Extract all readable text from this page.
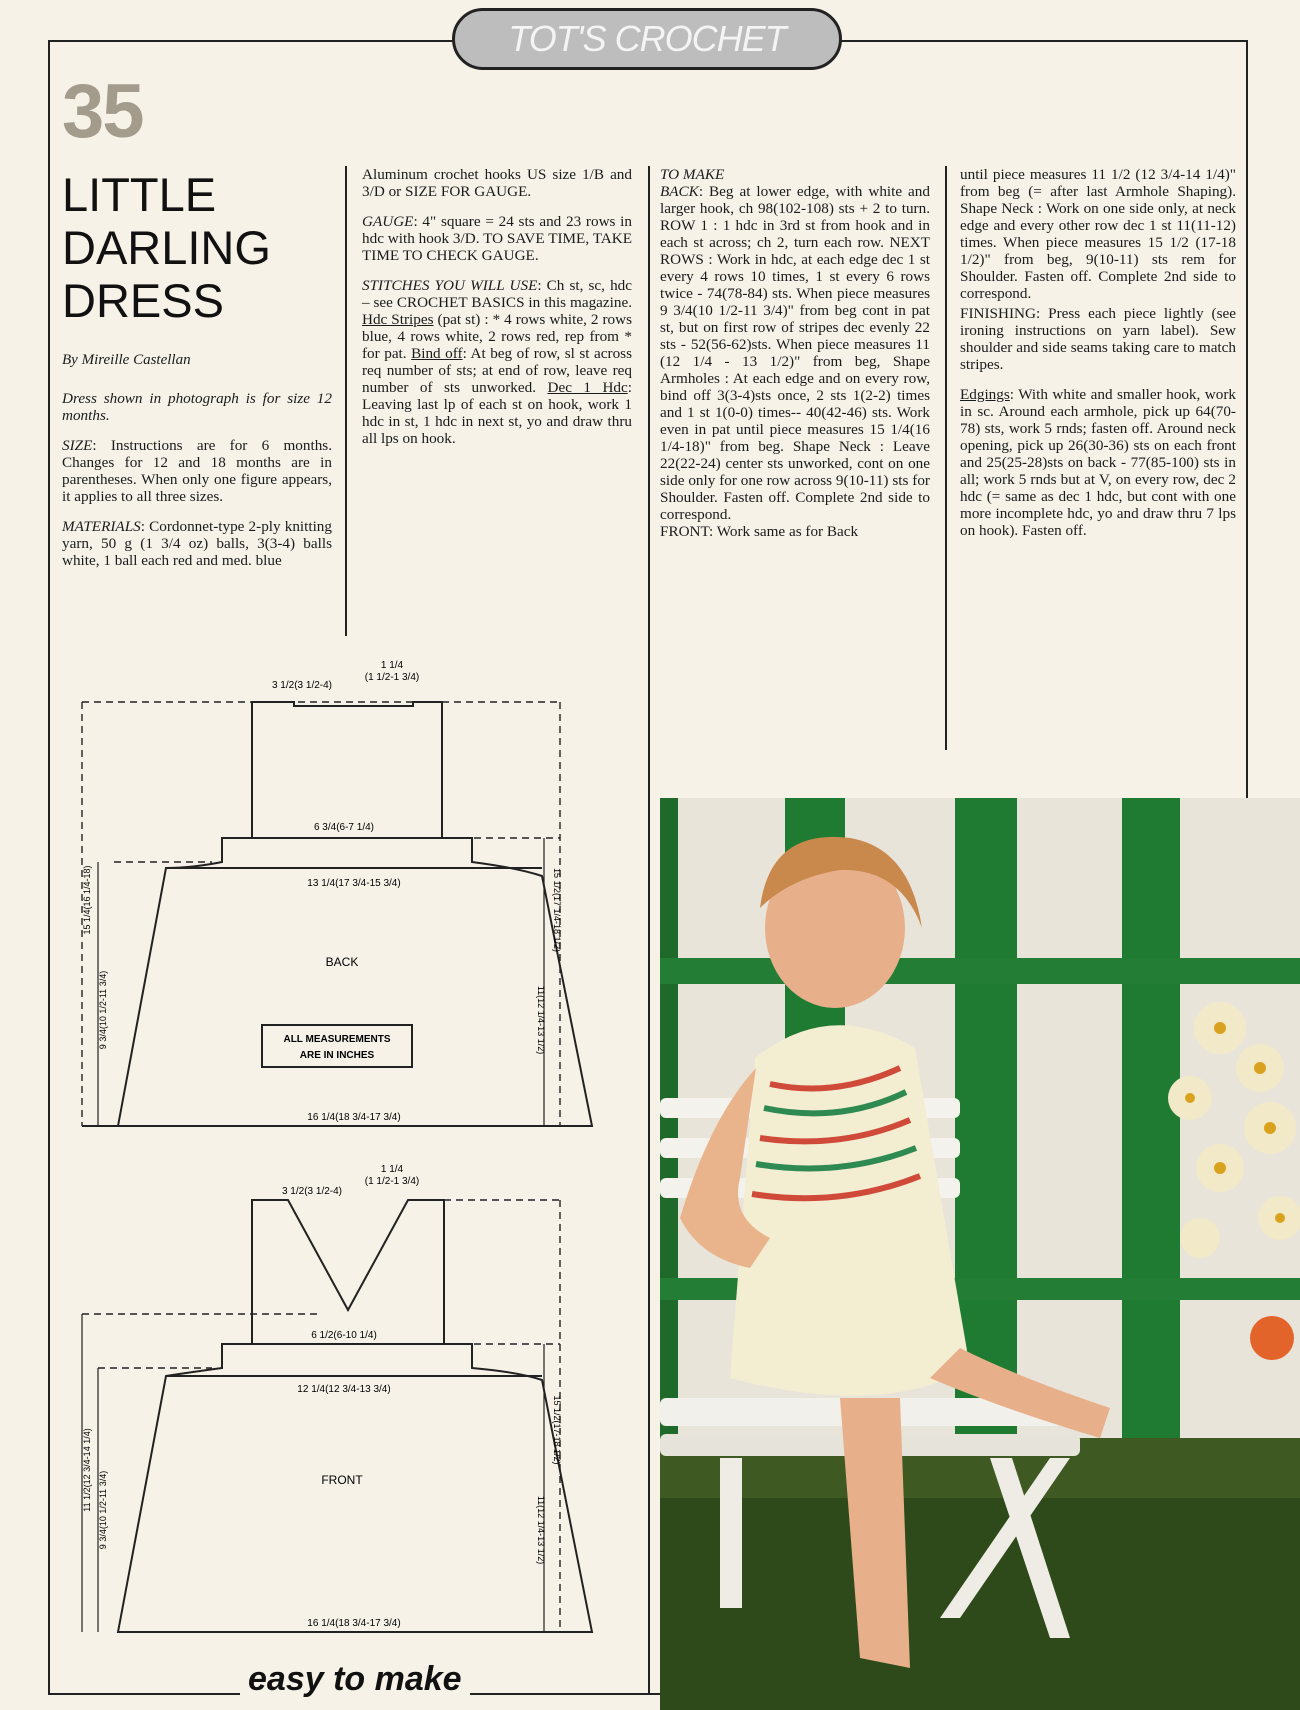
TOT'S CROCHET
35
LITTLE
DARLING
DRESS
By Mireille Castellan

Dress shown in photograph is for size 12 months.

SIZE: Instructions are for 6 months. Changes for 12 and 18 months are in parentheses. When only one figure appears, it applies to all three sizes.

MATERIALS: Cordonnet-type 2-ply knitting yarn, 50 g (1 3/4 oz) balls, 3(3-4) balls white, 1 ball each red and med. blue

Aluminum crochet hooks US size 1/B and 3/D or SIZE FOR GAUGE.

GAUGE: 4" square = 24 sts and 23 rows in hdc with hook 3/D. TO SAVE TIME, TAKE TIME TO CHECK GAUGE.

STITCHES YOU WILL USE: Ch st, sc, hdc – see CROCHET BASICS in this magazine. Hdc Stripes (pat st) : * 4 rows white, 2 rows blue, 4 rows white, 2 rows red, rep from * for pat. Bind off: At beg of row, sl st across req number of sts; at end of row, leave req number of sts unworked. Dec 1 Hdc: Leaving last lp of each st on hook, work 1 hdc in st, 1 hdc in next st, yo and draw thru all lps on hook.

TO MAKE

BACK: Beg at lower edge, with white and larger hook, ch 98(102-108) sts + 2 to turn. ROW 1 : 1 hdc in 3rd st from hook and in each st across; ch 2, turn each row. NEXT ROWS : Work in hdc, at each edge dec 1 st every 4 rows 10 times, 1 st every 6 rows twice - 74(78-84) sts. When piece measures 9 3/4(10 1/2-11 3/4)" from beg cont in pat st, but on first row of stripes dec evenly 22 sts - 52(56-62)sts. When piece measures 11 (12 1/4 - 13 1/2)" from beg, Shape Armholes : At each edge and on every row, bind off 3(3-4)sts once, 2 sts 1(2-2) times and 1 st 1(0-0) times-- 40(42-46) sts. Work even in pat until piece measures 15 1/4(16 1/4-18)" from beg. Shape Neck : Leave 22(22-24) center sts unworked, cont on one side only for one row across 9(10-11) sts for Shoulder. Fasten off. Complete 2nd side to correspond.
FRONT: Work same as for Back

until piece measures 11 1/2 (12 3/4-14 1/4)" from beg (= after last Armhole Shaping). Shape Neck : Work on one side only, at neck edge and every other row dec 1 st 11(11-12) times. When piece measures 15 1/2 (17-18 1/2)" from beg, 9(10-11) sts rem for Shoulder. Fasten off. Complete 2nd side to correspond.

FINISHING: Press each piece lightly (see ironing instructions on yarn label). Sew shoulder and side seams taking care to match stripes.

Edgings: With white and smaller hook, work in sc. Around each armhole, pick up 64(70-78) sts, work 5 rnds; fasten off. Around neck opening, pick up 26(30-36) sts on each front and 25(25-28)sts on back - 77(85-100) sts in all; work 5 rnds but at V, on every row, dec 2 hdc (= same as dec 1 hdc, but cont with one more incomplete hdc, yo and draw thru 7 lps on hook). Fasten off.

1 1/4
(1 1/2-1 3/4)
3 1/2(3 1/2-4)
6 3/4(6-7 1/4)
13 1/4(17 3/4-15 3/4)
BACK
ALL MEASUREMENTS
ARE IN INCHES
16 1/4(18 3/4-17 3/4)
15 1/4(16 1/4-18)
9 3/4(10 1/2-11 3/4)
15 1/2(17 1/4-18 1/2)
11(12 1/4-13 1/2)
1 1/4
(1 1/2-1 3/4)
3 1/2(3 1/2-4)
6 1/2(6-10 1/4)
12 1/4(12 3/4-13 3/4)
FRONT
16 1/4(18 3/4-17 3/4)
11 1/2(12 3/4-14 1/4) 9 3/4(10 1/2-11 3/4)
15 1/2(17-18 1/2)
11(12 1/4-13 1/2)
easy to make
